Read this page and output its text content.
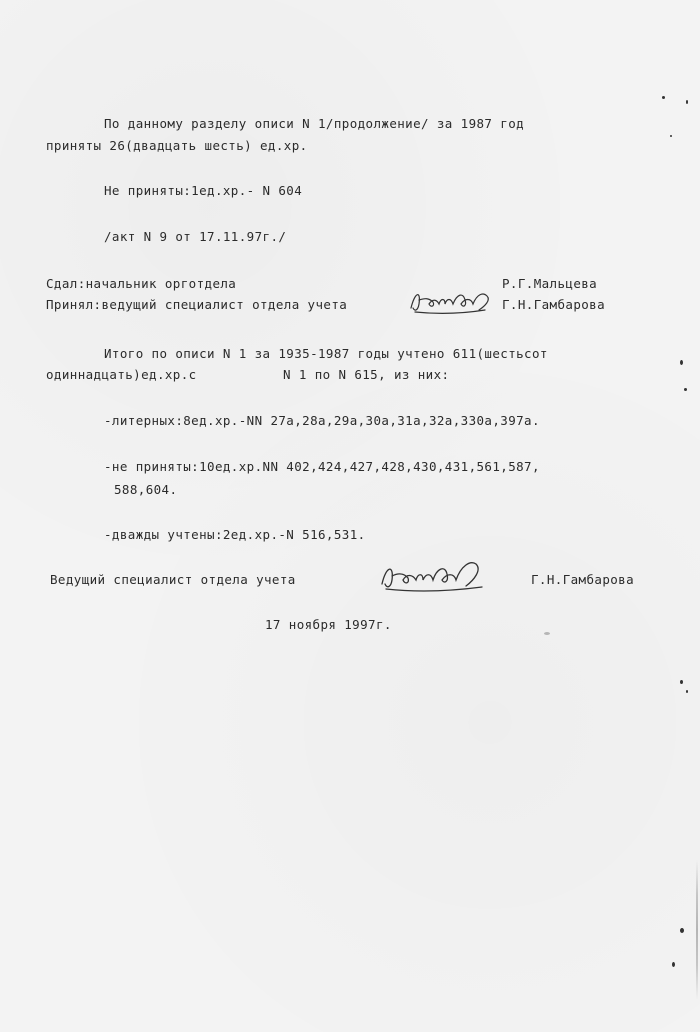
По данному разделу описи N 1/продолжение/ за 1987 год
приняты 26(двадцать шесть) ед.хр.
Не приняты:1ед.хр.- N 604
/акт N 9 от 17.11.97г./
Сдал:начальник орготдела	Р.Г.Мальцева
Принял:ведущий специалист отдела учета	Г.Н.Гамбарова
Итого по описи N 1 за 1935-1987 годы учтено 611(шестьсот
одиннадцать)ед.хр.с	N 1 по N 615, из них:
-литерных:8ед.хр.-NN 27а,28а,29а,30а,31а,32а,330а,397а.
-не приняты:10ед.хр.NN 402,424,427,428,430,431,561,587,
588,604.
-дважды учтены:2ед.хр.-N 516,531.
Ведущий специалист отдела учета	Г.Н.Гамбарова
17 ноября 1997г.
